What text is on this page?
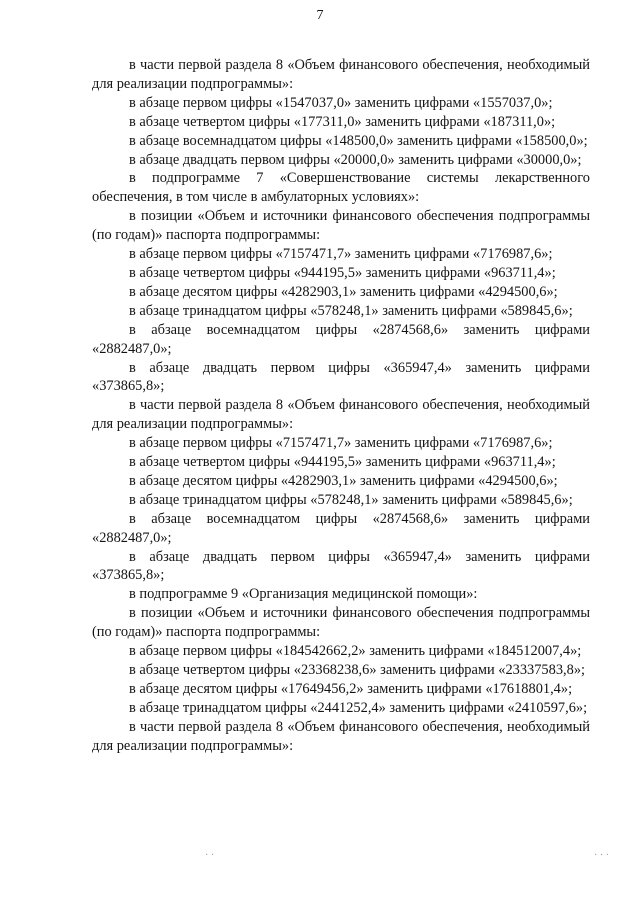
7

в части первой раздела 8 «Объем финансового обеспечения, необходимый для реализации подпрограммы»:

в абзаце первом цифры «1547037,0» заменить цифрами «1557037,0»;

в абзаце четвертом цифры «177311,0» заменить цифрами «187311,0»;

в абзаце восемнадцатом цифры «148500,0» заменить цифрами «158500,0»;

в абзаце двадцать первом цифры «20000,0» заменить цифрами «30000,0»;

в подпрограмме 7 «Совершенствование системы лекарственного обеспечения, в том числе в амбулаторных условиях»:

в позиции «Объем и источники финансового обеспечения подпрограммы (по годам)» паспорта подпрограммы:

в абзаце первом цифры «7157471,7» заменить цифрами «7176987,6»;

в абзаце четвертом цифры «944195,5» заменить цифрами «963711,4»;

в абзаце десятом цифры «4282903,1» заменить цифрами «4294500,6»;

в абзаце тринадцатом цифры «578248,1» заменить цифрами «589845,6»;

в абзаце восемнадцатом цифры «2874568,6» заменить цифрами «2882487,0»;

в абзаце двадцать первом цифры «365947,4» заменить цифрами «373865,8»;

в части первой раздела 8 «Объем финансового обеспечения, необходимый для реализации подпрограммы»:

в абзаце первом цифры «7157471,7» заменить цифрами «7176987,6»;

в абзаце четвертом цифры «944195,5» заменить цифрами «963711,4»;

в абзаце десятом цифры «4282903,1» заменить цифрами «4294500,6»;

в абзаце тринадцатом цифры «578248,1» заменить цифрами «589845,6»;

в абзаце восемнадцатом цифры «2874568,6» заменить цифрами «2882487,0»;

в абзаце двадцать первом цифры «365947,4» заменить цифрами «373865,8»;

в подпрограмме 9 «Организация медицинской помощи»:

в позиции «Объем и источники финансового обеспечения подпрограммы (по годам)» паспорта подпрограммы:

в абзаце первом цифры «184542662,2» заменить цифрами «184512007,4»;

в абзаце четвертом цифры «23368238,6» заменить цифрами «23337583,8»;

в абзаце десятом цифры «17649456,2» заменить цифрами «17618801,4»;

в абзаце тринадцатом цифры «2441252,4» заменить цифрами «2410597,6»;

в части первой раздела 8 «Объем финансового обеспечения, необходимый для реализации подпрограммы»:

· ·	· · ·
